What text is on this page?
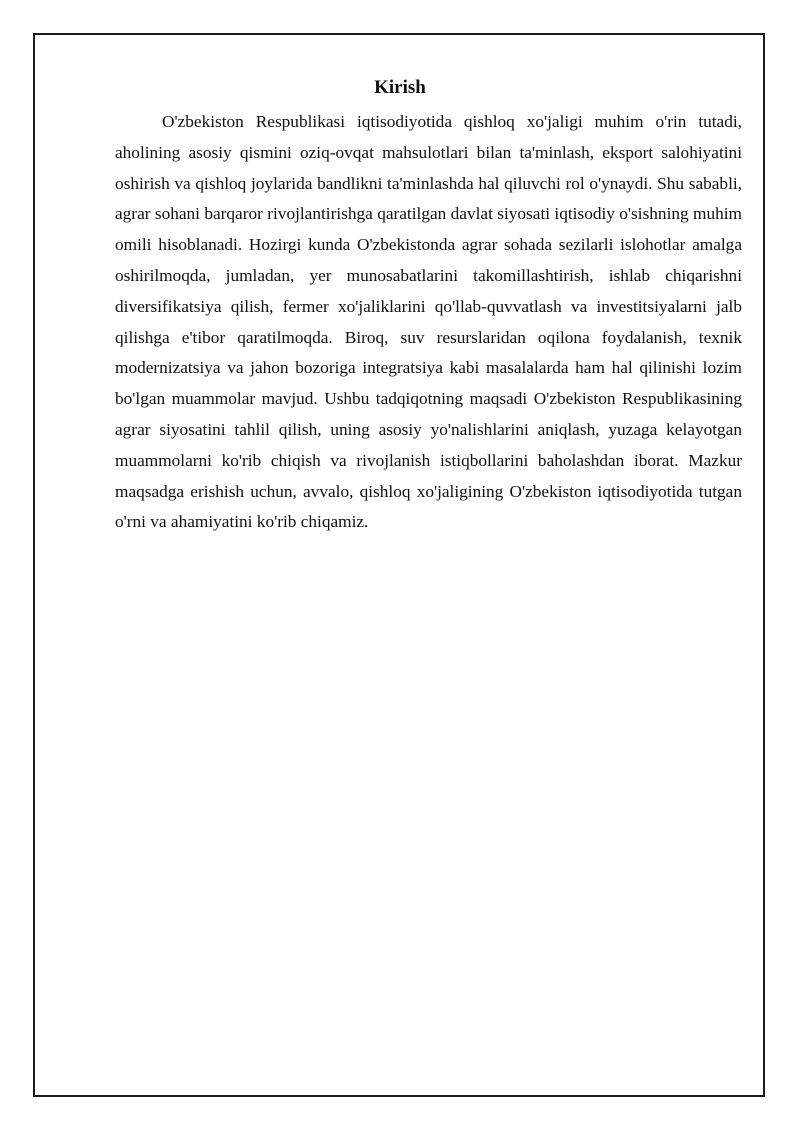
Kirish

O'zbekiston Respublikasi iqtisodiyotida qishloq xo'jaligi muhim o'rin tutadi, aholining asosiy qismini oziq-ovqat mahsulotlari bilan ta'minlash, eksport salohiyatini oshirish va qishloq joylarida bandlikni ta'minlashda hal qiluvchi rol o'ynaydi. Shu sababli, agrar sohani barqaror rivojlantirishga qaratilgan davlat siyosati iqtisodiy o'sishning muhim omili hisoblanadi. Hozirgi kunda O'zbekistonda agrar sohada sezilarli islohotlar amalga oshirilmoqda, jumladan, yer munosabatlarini takomillashtirish, ishlab chiqarishni diversifikatsiya qilish, fermer xo'jaliklarini qo'llab-quvvatlash va investitsiyalarni jalb qilishga e'tibor qaratilmoqda. Biroq, suv resurslaridan oqilona foydalanish, texnik modernizatsiya va jahon bozoriga integratsiya kabi masalalarda ham hal qilinishi lozim bo'lgan muammolar mavjud. Ushbu tadqiqotning maqsadi O'zbekiston Respublikasining agrar siyosatini tahlil qilish, uning asosiy yo'nalishlarini aniqlash, yuzaga kelayotgan muammolarni ko'rib chiqish va rivojlanish istiqbollarini baholashdan iborat. Mazkur maqsadga erishish uchun, avvalo, qishloq xo'jaligining O'zbekiston iqtisodiyotida tutgan o'rni va ahamiyatini ko'rib chiqamiz.
